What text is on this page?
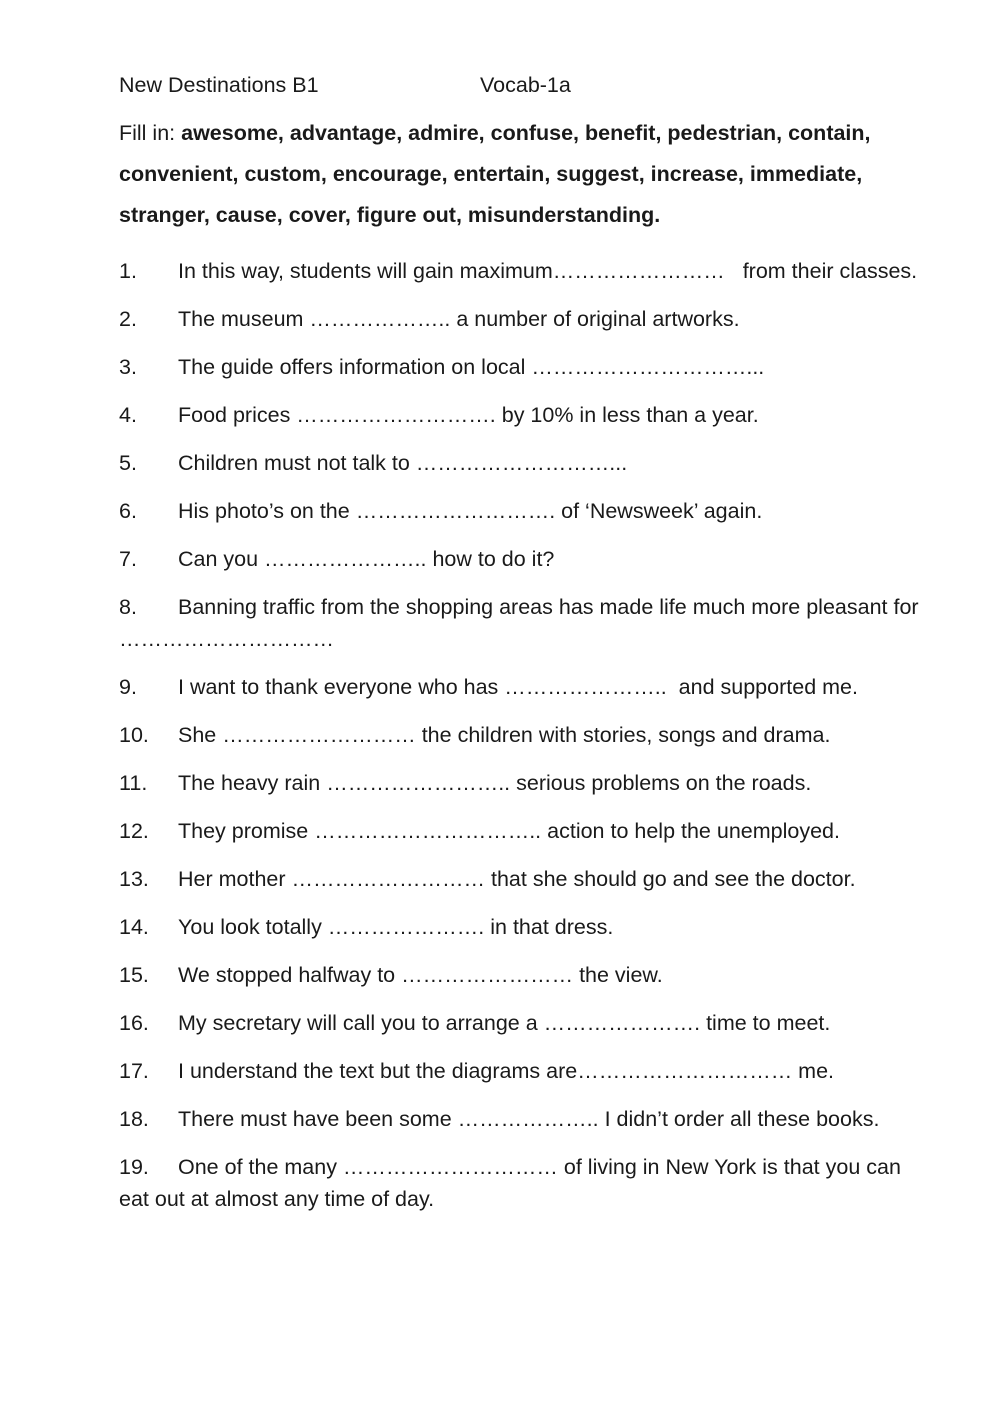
New Destinations B1	Vocab-1a
Fill in: awesome, advantage, admire, confuse, benefit, pedestrian, contain, convenient, custom, encourage, entertain, suggest, increase, immediate, stranger, cause, cover, figure out, misunderstanding.
1. In this way, students will gain maximum……………………   from their classes.
2. The museum ……………….. a number of original artworks.
3. The guide offers information on local …………………………...
4. Food prices ………………………. by 10% in less than a year.
5. Children must not talk to ………………………...
6. His photo’s on the ………………………. of ‘Newsweek’ again.
7. Can you ………………….. how to do it?
8. Banning traffic from the shopping areas has made life much more pleasant for …………………………
9. I want to thank everyone who has …………………..  and supported me.
10. She ……………………… the children with stories, songs and drama.
11. The heavy rain …………………….. serious problems on the roads.
12. They promise ………………………….. action to help the unemployed.
13. Her mother ……………………… that she should go and see the doctor.
14. You look totally …………………. in that dress.
15. We stopped halfway to …………………… the view.
16. My secretary will call you to arrange a …………………. time to meet.
17. I understand the text but the diagrams are………………………… me.
18. There must have been some ……………….. I didn’t order all these books.
19. One of the many ………………………… of living in New York is that you can eat out at almost any time of day.
